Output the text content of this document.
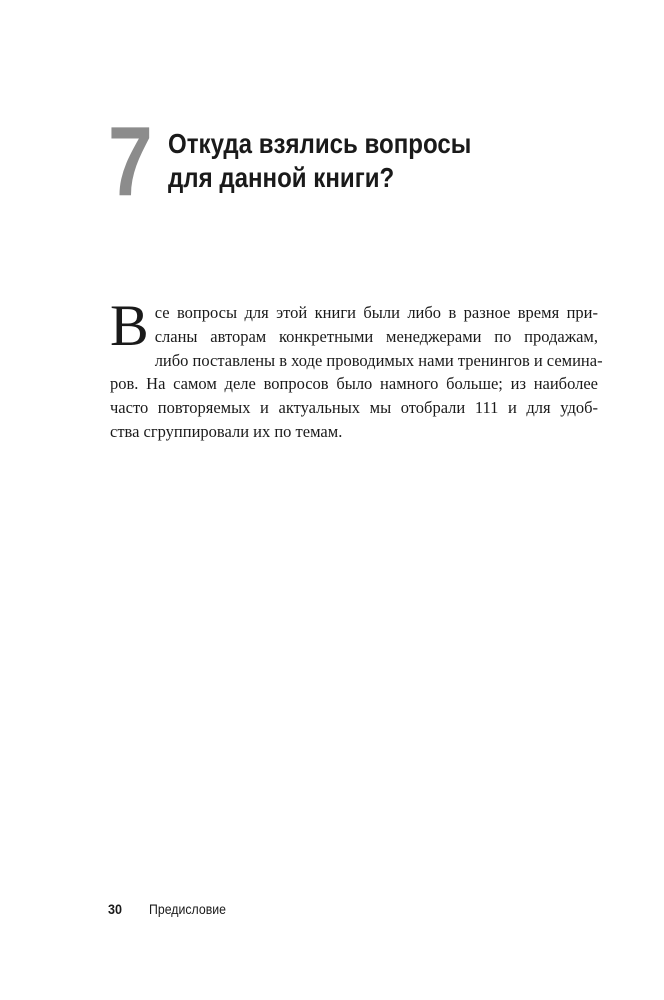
7 Откуда взялись вопросы
для данной книги?
В се вопросы для этой книги были либо в разное время при-
сланы авторам конкретными менеджерами по продажам,
либо поставлены в ходе проводимых нами тренингов и семина-
ров. На самом деле вопросов было намного больше; из наиболее
часто повторяемых и актуальных мы отобрали 111 и для удоб-
ства сгруппировали их по темам.
30 Предисловие
